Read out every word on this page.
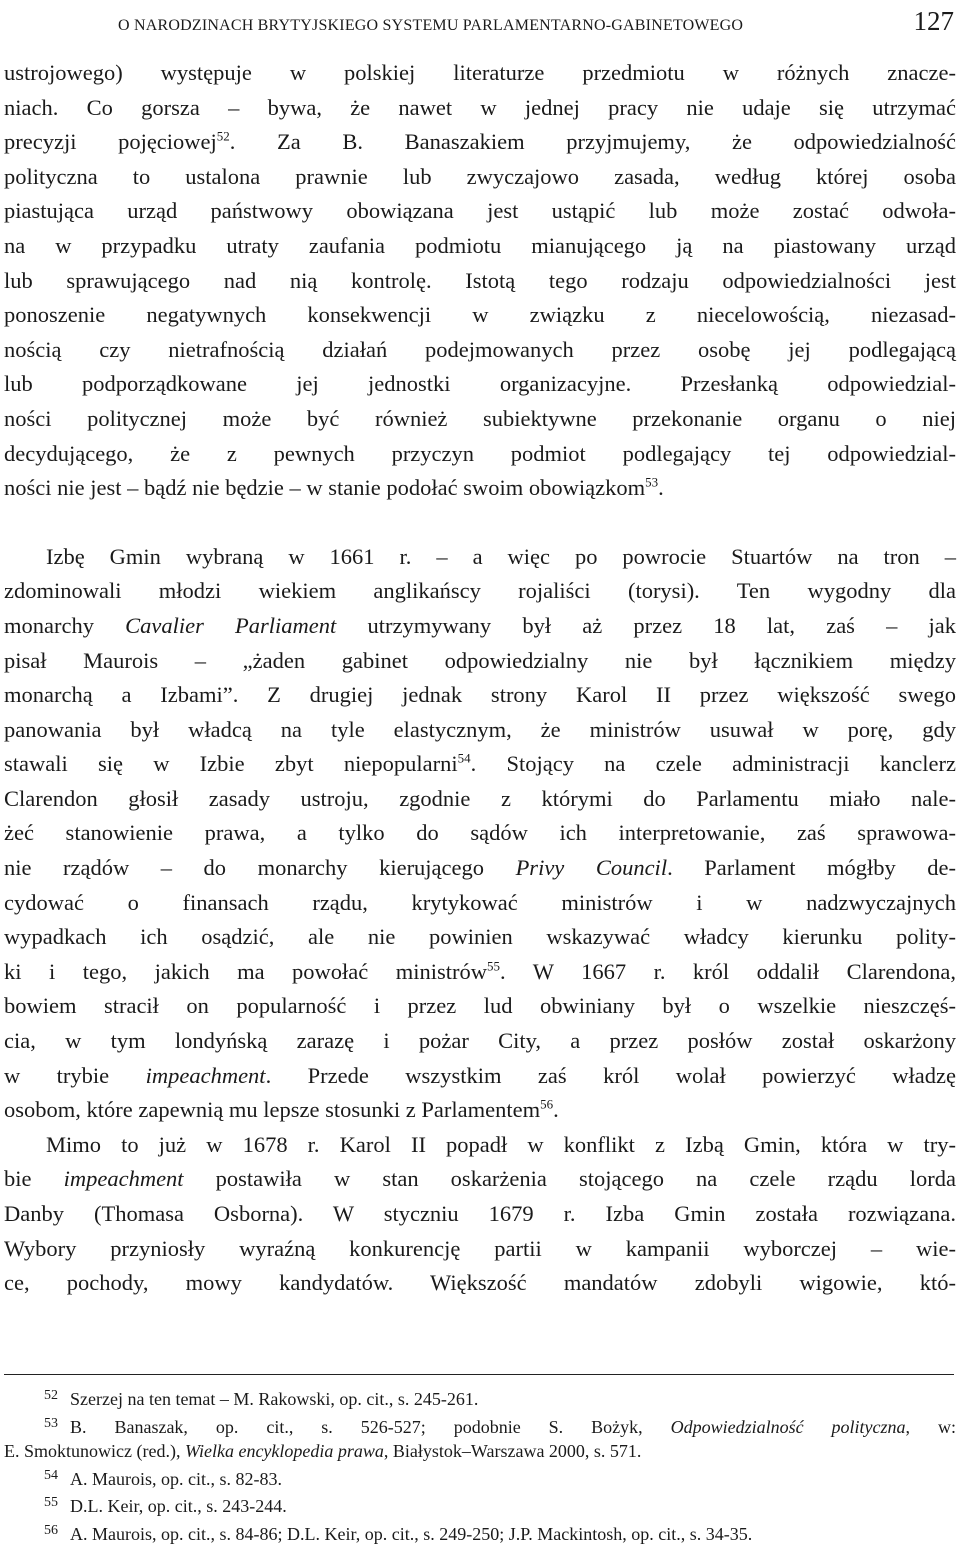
O NARODZINACH BRYTYJSKIEGO SYSTEMU PARLAMENTARNO-GABINETOWEGO	127

ustrojowego) występuje w polskiej literaturze przedmiotu w różnych znacze-
niach. Co gorsza – bywa, że nawet w jednej pracy nie udaje się utrzymać
precyzji pojęciowej$^{52}$. Za B. Banaszakiem przyjmujemy, że odpowiedzialność
polityczna to ustalona prawnie lub zwyczajowo zasada, według której osoba
piastująca urząd państwowy obowiązana jest ustąpić lub może zostać odwoła-
na w przypadku utraty zaufania podmiotu mianującego ją na piastowany urząd
lub sprawującego nad nią kontrolę. Istotą tego rodzaju odpowiedzialności jest
ponoszenie negatywnych konsekwencji w związku z niecelowością, niezasad-
nością czy nietrafnością działań podejmowanych przez osobę jej podlegającą
lub podporządkowane jej jednostki organizacyjne. Przesłanką odpowiedzial-
ności politycznej może być również subiektywne przekonanie organu o niej
decydującego, że z pewnych przyczyn podmiot podlegający tej odpowiedzial-
ności nie jest – bądź nie będzie – w stanie podołać swoim obowiązkom$^{53}$.

Izbę Gmin wybraną w 1661 r. – a więc po powrocie Stuartów na tron –
zdominowali młodzi wiekiem anglikańscy rojaliści (torysi). Ten wygodny dla
monarchy Cavalier Parliament utrzymywany był aż przez 18 lat, zaś – jak
pisał Maurois – „żaden gabinet odpowiedzialny nie był łącznikiem między
monarchą a Izbami”. Z drugiej jednak strony Karol II przez większość swego
panowania był władcą na tyle elastycznym, że ministrów usuwał w porę, gdy
stawali się w Izbie zbyt niepopularni$^{54}$. Stojący na czele administracji kanclerz
Clarendon głosił zasady ustroju, zgodnie z którymi do Parlamentu miało nale-
żeć stanowienie prawa, a tylko do sądów ich interpretowanie, zaś sprawowa-
nie rządów – do monarchy kierującego Privy Council. Parlament mógłby de-
cydować o finansach rządu, krytykować ministrów i w nadzwyczajnych
wypadkach ich osądzić, ale nie powinien wskazywać władcy kierunku polity-
ki i tego, jakich ma powołać ministrów$^{55}$. W 1667 r. król oddalił Clarendona,
bowiem stracił on popularność i przez lud obwiniany był o wszelkie nieszczęś-
cia, w tym londyńską zarazę i pożar City, a przez posłów został oskarżony
w trybie impeachment. Przede wszystkim zaś król wolał powierzyć władzę
osobom, które zapewnią mu lepsze stosunki z Parlamentem$^{56}$.

Mimo to już w 1678 r. Karol II popadł w konflikt z Izbą Gmin, która w try-
bie impeachment postawiła w stan oskarżenia stojącego na czele rządu lorda
Danby (Thomasa Osborna). W styczniu 1679 r. Izba Gmin została rozwiązana.
Wybory przyniosły wyraźną konkurencję partii w kampanii wyborczej – wie-
ce, pochody, mowy kandydatów. Większość mandatów zdobyli wigowie, któ-

52 Szerzej na ten temat – M. Rakowski, op. cit., s. 245-261.
53 B. Banaszak, op. cit., s. 526-527; podobnie S. Bożyk, Odpowiedzialność polityczna, w:
E. Smoktunowicz (red.), Wielka encyklopedia prawa, Białystok–Warszawa 2000, s. 571.
54 A. Maurois, op. cit., s. 82-83.
55 D.L. Keir, op. cit., s. 243-244.
56 A. Maurois, op. cit., s. 84-86; D.L. Keir, op. cit., s. 249-250; J.P. Mackintosh, op. cit., s. 34-35.
